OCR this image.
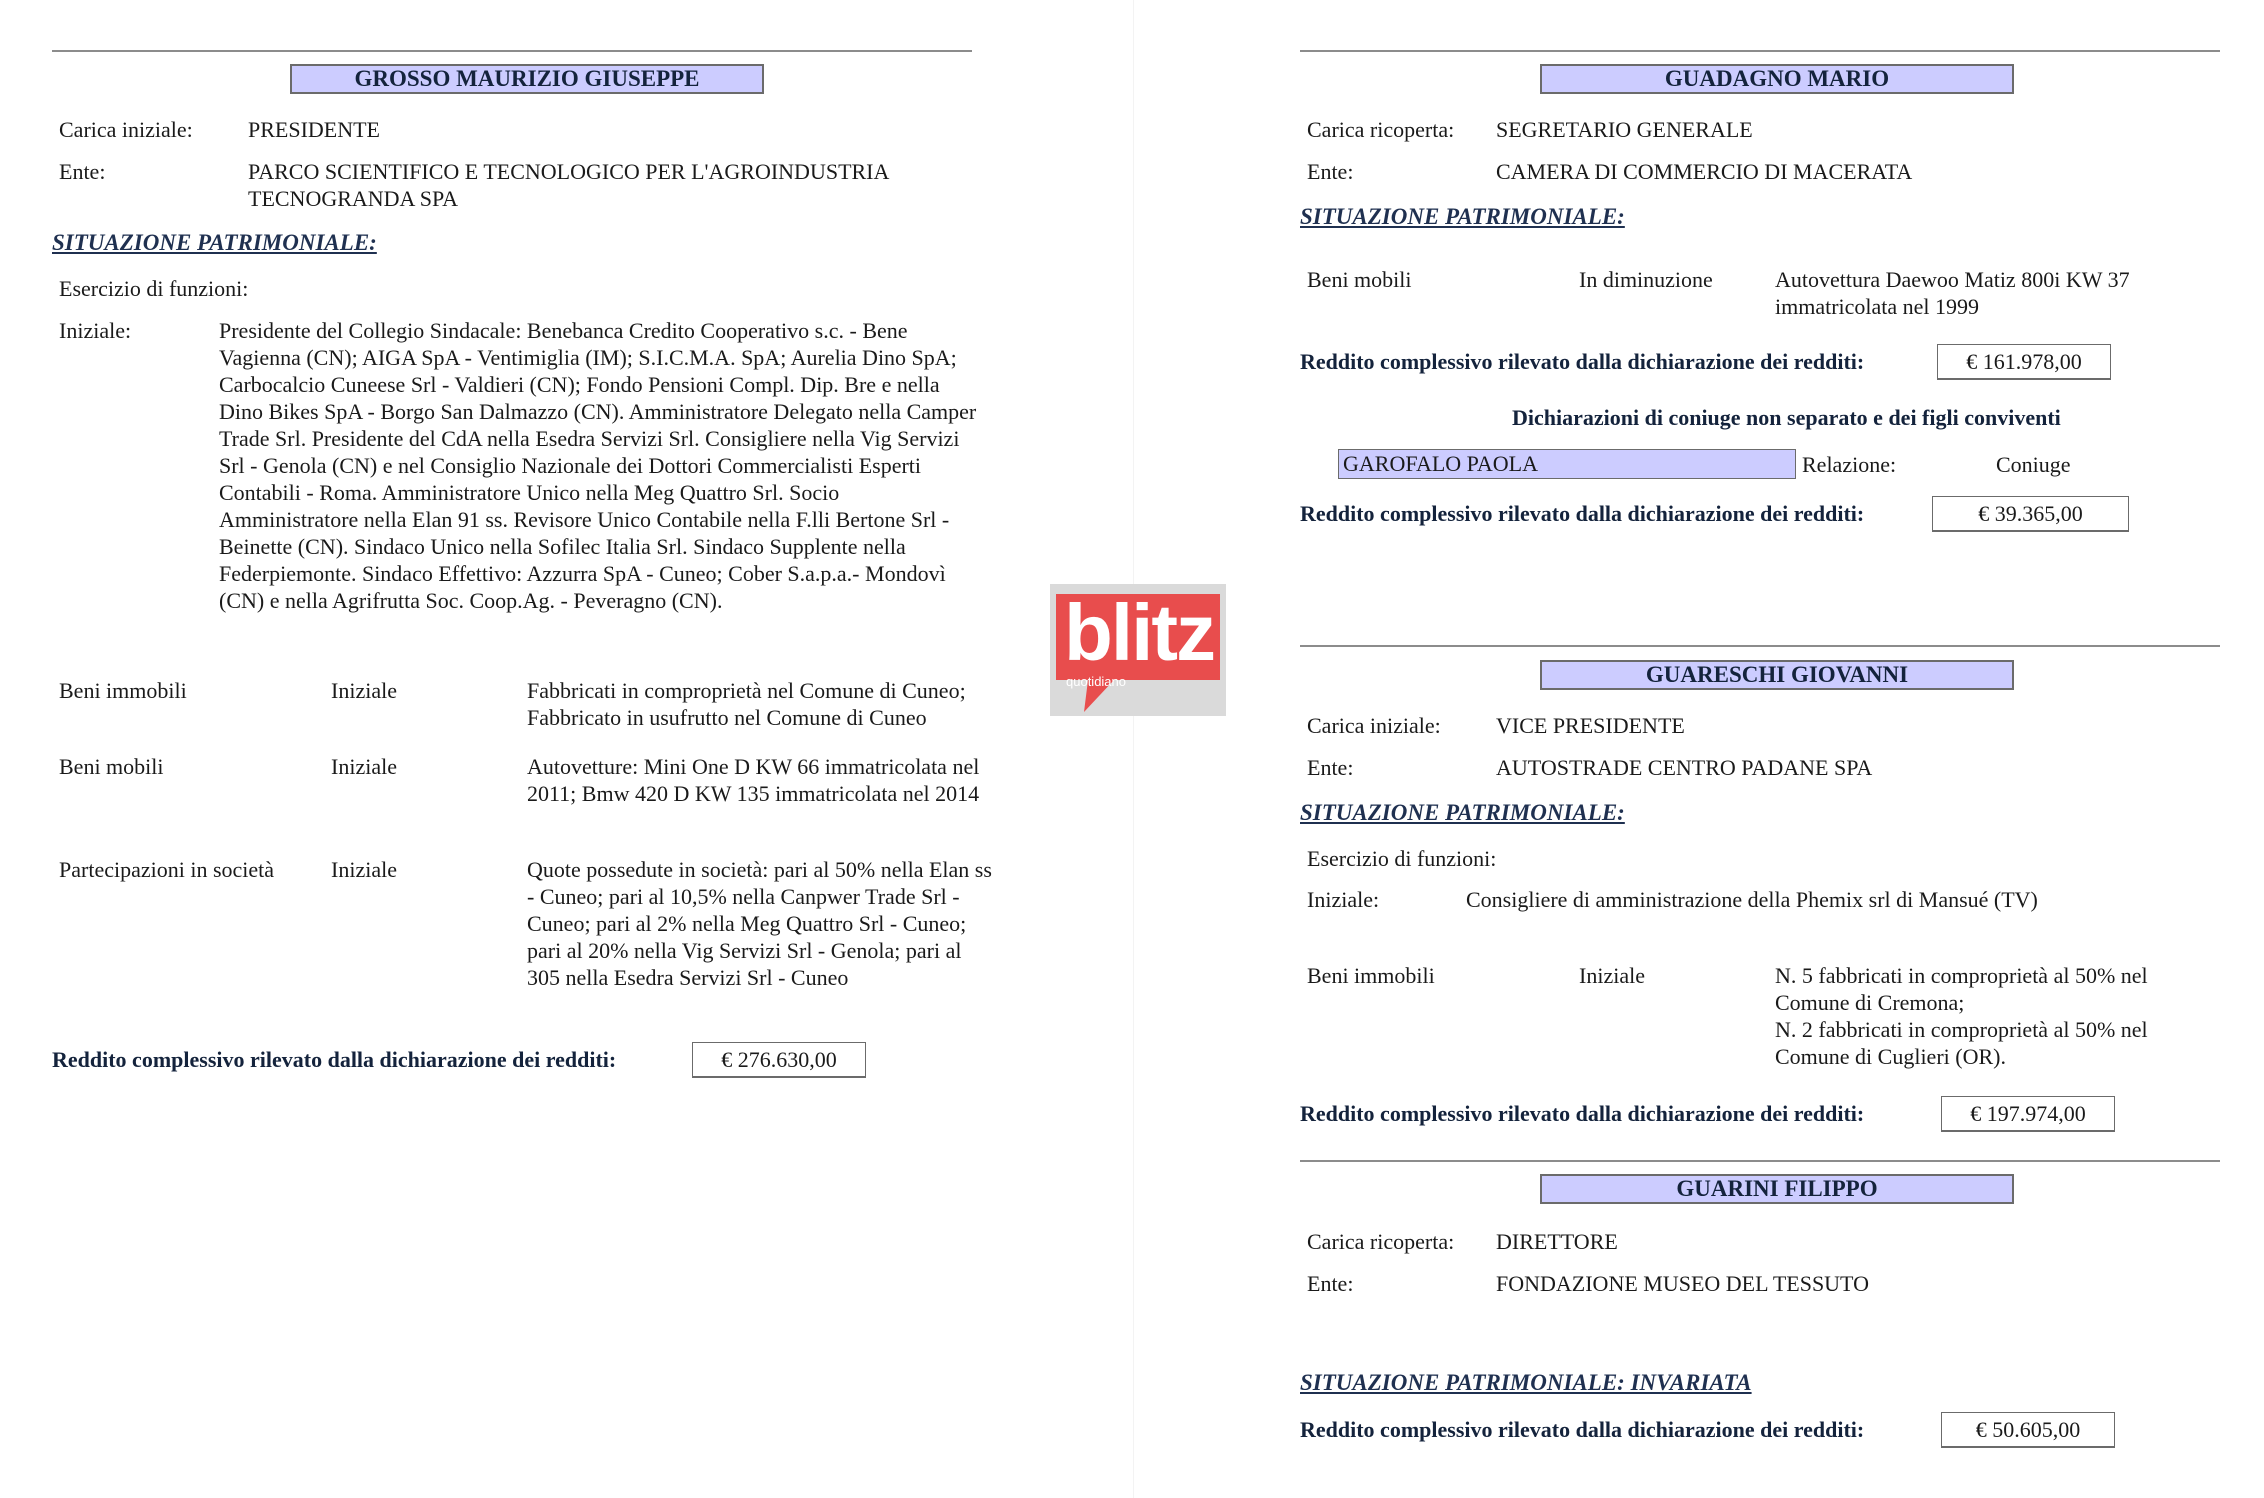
GROSSO MAURIZIO GIUSEPPE
Carica iniziale:	PRESIDENTE
Ente:	PARCO SCIENTIFICO E TECNOLOGICO PER L'AGROINDUSTRIA
TECNOGRANDA SPA
SITUAZIONE PATRIMONIALE:
Esercizio di funzioni:
Iniziale:	Presidente del Collegio Sindacale: Benebanca Credito Cooperativo s.c. - Bene Vagienna (CN); AIGA SpA - Ventimiglia (IM); S.I.C.M.A. SpA; Aurelia Dino SpA; Carbocalcio Cuneese Srl - Valdieri (CN); Fondo Pensioni Compl. Dip. Bre e nella Dino Bikes SpA - Borgo San Dalmazzo (CN). Amministratore Delegato nella Camper Trade Srl. Presidente del CdA nella Esedra Servizi Srl. Consigliere nella Vig Servizi Srl - Genola (CN) e nel Consiglio Nazionale dei Dottori Commercialisti Esperti Contabili - Roma. Amministratore Unico nella Meg Quattro Srl. Socio Amministratore nella Elan 91 ss. Revisore Unico Contabile nella F.lli Bertone Srl - Beinette (CN). Sindaco Unico nella Sofilec Italia Srl. Sindaco Supplente nella Federpiemonte. Sindaco Effettivo: Azzurra SpA - Cuneo; Cober S.a.p.a.- Mondovì (CN) e nella Agrifrutta Soc. Coop.Ag. - Peveragno (CN).
Beni immobili	Iniziale	Fabbricati in comproprietà nel Comune di Cuneo; Fabbricato in usufrutto nel Comune di Cuneo
Beni mobili	Iniziale	Autovetture: Mini One D KW 66 immatricolata nel 2011; Bmw 420 D KW 135 immatricolata nel 2014
Partecipazioni in società	Iniziale	Quote possedute in società: pari al 50% nella Elan ss - Cuneo; pari al 10,5% nella Canpwer Trade Srl - Cuneo; pari al 2% nella Meg Quattro Srl - Cuneo; pari al 20% nella Vig Servizi Srl - Genola; pari al 305 nella Esedra Servizi Srl - Cuneo
Reddito complessivo rilevato dalla dichiarazione dei redditi:	€ 276.630,00
blitz
quotidiano
GUADAGNO MARIO
Carica ricoperta: SEGRETARIO GENERALE
Ente:	CAMERA DI COMMERCIO DI MACERATA
SITUAZIONE PATRIMONIALE:
Beni mobili	In diminuzione	Autovettura Daewoo Matiz 800i KW 37 immatricolata nel 1999
Reddito complessivo rilevato dalla dichiarazione dei redditi:	€ 161.978,00
Dichiarazioni di coniuge non separato e dei figli conviventi
GAROFALO PAOLA	Relazione:	Coniuge
Reddito complessivo rilevato dalla dichiarazione dei redditi:	€ 39.365,00
GUARESCHI GIOVANNI
Carica iniziale:	VICE PRESIDENTE
Ente:	AUTOSTRADE CENTRO PADANE SPA
SITUAZIONE PATRIMONIALE:
Esercizio di funzioni:
Iniziale:	Consigliere di amministrazione della Phemix srl di Mansué (TV)
Beni immobili	Iniziale	N. 5 fabbricati in comproprietà al 50% nel
Comune di Cremona;
N. 2 fabbricati in comproprietà al 50% nel
Comune di Cuglieri (OR).
Reddito complessivo rilevato dalla dichiarazione dei redditi:	€ 197.974,00
GUARINI FILIPPO
Carica ricoperta: DIRETTORE
Ente:	FONDAZIONE MUSEO DEL TESSUTO
SITUAZIONE PATRIMONIALE: INVARIATA
Reddito complessivo rilevato dalla dichiarazione dei redditi:	€ 50.605,00
